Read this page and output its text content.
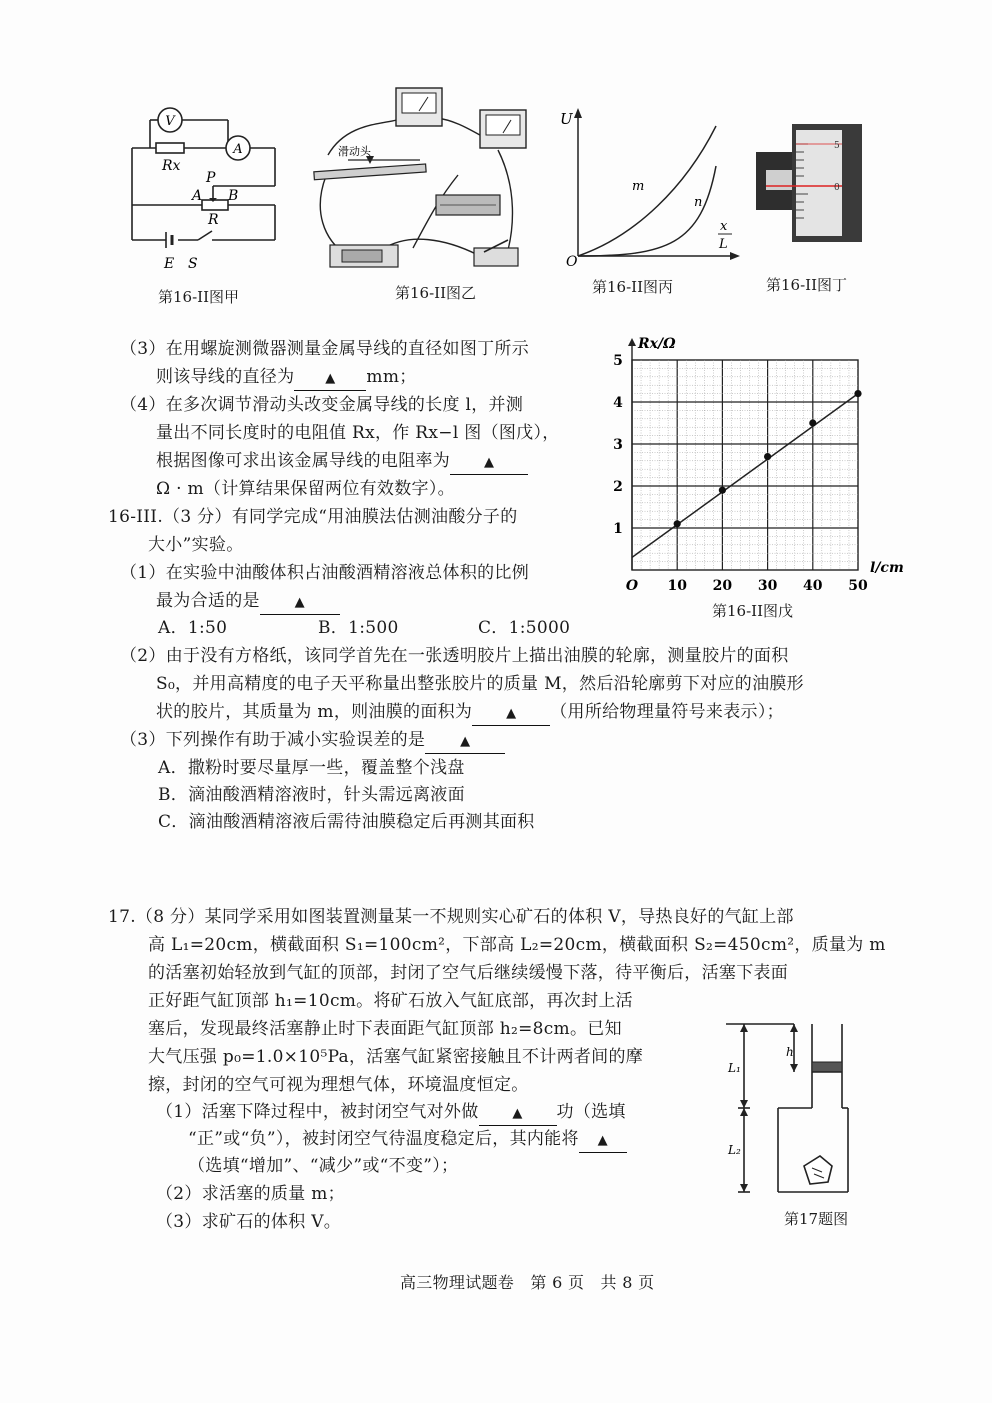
V
A
Rx
P
A B
R
E S
第16-II图甲
滑动头
第16-II图乙
U
O
x
L
m
n
第16-II图丙
5
0
第16-II图丁
O 10 20 30 40 50
1
2
3
4
5
Rx/Ω
l/cm
第16-II图戊
（3）在用螺旋测微器测量金属导线的直径如图丁所示
则该导线的直径为 ▲ mm；
（4）在多次调节滑动头改变金属导线的长度 l，并测
量出不同长度时的电阻值 Rx，作 Rx−l 图（图戊），
根据图像可求出该金属导线的电阻率为	▲
Ω · m（计算结果保留两位有效数字）。
16-III.（3 分）有同学完成“用油膜法估测油酸分子的
大小”实验。
（1）在实验中油酸体积占油酸酒精溶液总体积的比例
最为合适的是	▲
A．1:50	B．1:500	C．1:5000
（2）由于没有方格纸，该同学首先在一张透明胶片上描出油膜的轮廓，测量胶片的面积
S₀，并用高精度的电子天平称量出整张胶片的质量 M，然后沿轮廓剪下对应的油膜形
状的胶片，其质量为 m，则油膜的面积为	▲ （用所给物理量符号来表示）；
（3）下列操作有助于减小实验误差的是	▲
A．撒粉时要尽量厚一些，覆盖整个浅盘
B．滴油酸酒精溶液时，针头需远离液面
C．滴油酸酒精溶液后需待油膜稳定后再测其面积
17.（8 分）某同学采用如图装置测量某一不规则实心矿石的体积 V，导热良好的气缸上部
高 L₁=20cm，横截面积 S₁=100cm²，下部高 L₂=20cm，横截面积 S₂=450cm²，质量为 m
的活塞初始轻放到气缸的顶部，封闭了空气后继续缓慢下落，待平衡后，活塞下表面
正好距气缸顶部 h₁=10cm。将矿石放入气缸底部，再次封上活
塞后，发现最终活塞静止时下表面距气缸顶部 h₂=8cm。已知
大气压强 p₀=1.0×10⁵Pa，活塞气缸紧密接触且不计两者间的摩
擦，封闭的空气可视为理想气体，环境温度恒定。
（1）活塞下降过程中，被封闭空气对外做	▲ 功（选填
“正”或“负”），被封闭空气待温度稳定后，其内能将 ▲
（选填“增加”、“减少”或“不变”）；
（2）求活塞的质量 m；
（3）求矿石的体积 V。
L₁
L₂
h
第17题图
高三物理试题卷　第 6 页　共 8 页
